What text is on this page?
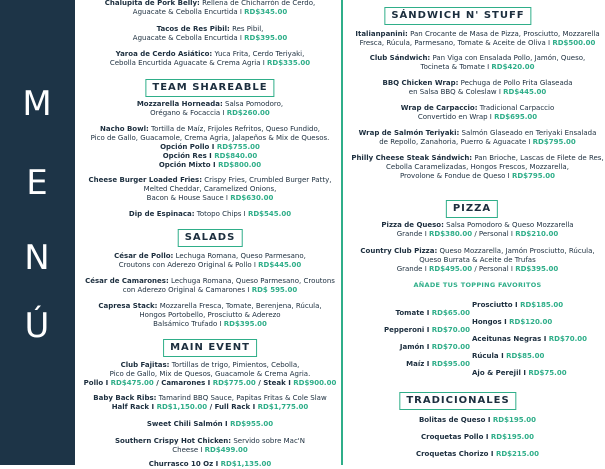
M
E
N
Ú
Chalupita de Pork Belly: Rellena de Chicharrón de Cerdo,
Aguacate & Cebolla Encurtida I RD$345.00
Tacos de Res Pibil: Res Pibil,
Aguacate & Cebolla Encurtida I RD$395.00
Yaroa de Cerdo Asiático: Yuca Frita, Cerdo Teriyaki,
Cebolla Encurtida Aguacate & Crema Agria I RD$335.00
TEAM SHAREABLE
Mozzarella Horneada: Salsa Pomodoro,
Orégano & Focaccia I RD$260.00
Nacho Bowl: Tortilla de Maíz, Frijoles Refritos, Queso Fundido,
Pico de Gallo, Guacamole, Crema Agria, Jalapeños & Mix de Quesos.
Opción Pollo I RD$755.00
Opción Res I RD$840.00
Opción Mixto I RD$800.00
Cheese Burger Loaded Fries: Crispy Fries, Crumbled Burger Patty,
Melted Cheddar, Caramelized Onions,
Bacon & House Sauce I RD$630.00
Dip de Espinaca: Totopo Chips I RD$545.00
SALADS
César de Pollo: Lechuga Romana, Queso Parmesano,
Croutons con Aderezo Original & Pollo I RD$445.00
César de Camarones: Lechuga Romana, Queso Parmesano, Croutons
con Aderezo Original & Camarones I RD$ 595.00
Capresa Stack: Mozzarella Fresca, Tomate, Berenjena, Rúcula,
Hongos Portobello, Prosciutto & Aderezo
Balsámico Trufado I RD$395.00
MAIN EVENT
Club Fajitas: Tortillas de trigo, Pimientos, Cebolla,
Pico de Gallo, Mix de Quesos, Guacamole & Crema Agria.
Pollo I RD$475.00 / Camarones I RD$775.00 / Steak I RD$900.00
Baby Back Ribs: Tamarind BBQ Sauce, Papitas Fritas & Cole Slaw
Half Rack I RD$1,150.00 / Full Rack I RD$1,775.00
Sweet Chili Salmón I RD$955.00
Southern Crispy Hot Chicken: Servido sobre Mac'N
Cheese I RD$499.00
Churrasco 10 Oz I RD$1,135.00
SÁNDWICH N' STUFF
Italianpanini: Pan Crocante de Masa de Pizza, Prosciutto, Mozzarella
Fresca, Rúcula, Parmesano, Tomate & Aceite de Oliva I RD$500.00
Club Sándwich: Pan Viga con Ensalada Pollo, Jamón, Queso,
Tocineta & Tomate I RD$420.00
BBQ Chicken Wrap: Pechuga de Pollo Frita Glaseada
en Salsa BBQ & Coleslaw I RD$445.00
Wrap de Carpaccio: Tradicional Carpaccio
Convertido en Wrap I RD$695.00
Wrap de Salmón Teriyaki: Salmón Glaseado en Teriyaki Ensalada
de Repollo, Zanahoria, Puerro & Aguacate I RD$795.00
Philly Cheese Steak Sándwich: Pan Brioche, Lascas de Filete de Res,
Cebolla Caramelizadas, Hongos Frescos, Mozzarella,
Provolone & Fondue de Queso I RD$795.00
PIZZA
Pizza de Queso: Salsa Pomodoro & Queso Mozzarella
Grande I RD$380.00 / Personal I RD$210.00
Country Club Pizza: Queso Mozzarella, Jamón Prosciutto, Rúcula,
Queso Burrata & Aceite de Trufas
Grande I RD$495.00 / Personal I RD$395.00
AÑADE TUS TOPPING FAVORITOS
Tomate I RD$65.00
Pepperoni I RD$70.00
Jamón I RD$70.00
Maíz I RD$95.00
Prosciutto I RD$185.00
Hongos I RD$120.00
Aceitunas Negras I RD$70.00
Rúcula I RD$85.00
Ajo & Perejil I RD$75.00
TRADICIONALES
Bolitas de Queso I RD$195.00
Croquetas Pollo I RD$195.00
Croquetas Chorizo I RD$215.00
